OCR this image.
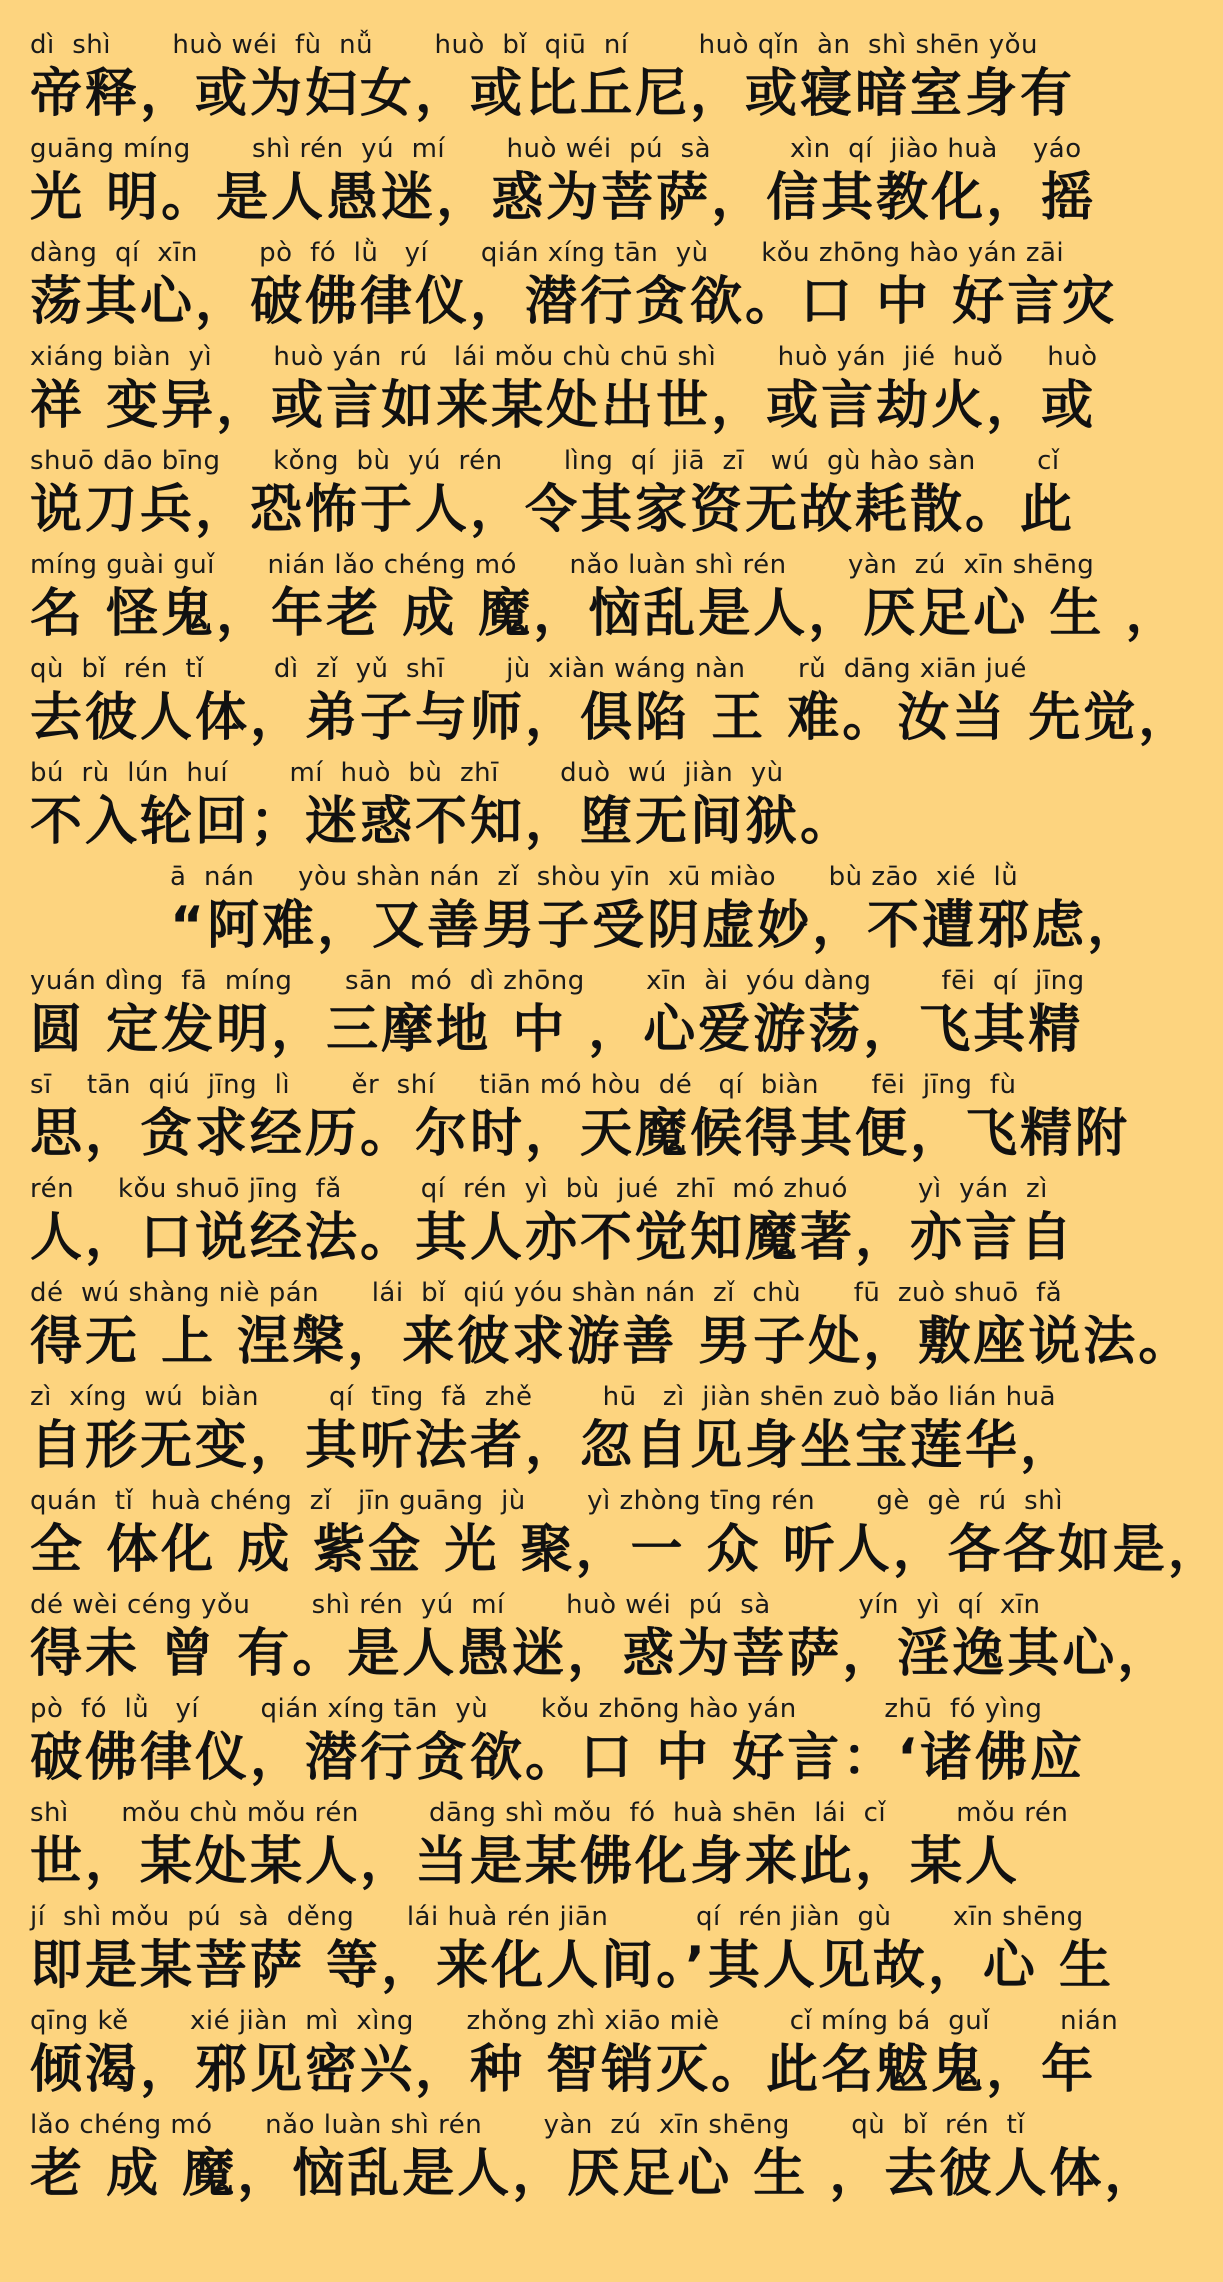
dì  shì       huò wéi  fù  nǚ       huò  bǐ  qiū  ní        huò qǐn  àn  shì shēn yǒu
帝释，或为妇女，或比丘尼，或寝暗室身有
guāng míng       shì rén  yú  mí       huò wéi  pú  sà         xìn  qí  jiào huà    yáo
光 明。是人愚迷，惑为菩萨，信其教化，摇
dàng  qí  xīn       pò  fó  lǜ   yí      qián xíng tān  yù      kǒu zhōng hào yán zāi
荡其心，破佛律仪，潜行贪欲。口 中 好言灾
xiáng biàn  yì       huò yán  rú   lái mǒu chù chū shì       huò yán  jié  huǒ     huò
祥 变异，或言如来某处出世，或言劫火，或
shuō dāo bīng      kǒng  bù  yú  rén       lìng  qí  jiā  zī   wú  gù hào sàn       cǐ
说刀兵，恐怖于人，令其家资无故耗散。此
míng guài guǐ      nián lǎo chéng mó      nǎo luàn shì rén       yàn  zú  xīn shēng
名 怪鬼，年老 成 魔，恼乱是人，厌足心 生 ，
qù  bǐ  rén  tǐ        dì  zǐ  yǔ  shī       jù  xiàn wáng nàn      rǔ  dāng xiān jué
去彼人体，弟子与师，俱陷 王 难。汝当 先觉，
bú  rù  lún  huí       mí  huò  bù  zhī       duò  wú  jiàn  yù
不入轮回；迷惑不知，堕无间狱。
ā  nán     yòu shàn nán  zǐ  shòu yīn  xū miào      bù zāo  xié  lǜ
“阿难，又善男子受阴虚妙，不遭邪虑，
yuán dìng  fā  míng      sān  mó  dì zhōng       xīn  ài  yóu dàng        fēi  qí  jīng
圆 定发明，三摩地 中 ，心爱游荡，飞其精
sī    tān  qiú  jīng  lì       ěr  shí     tiān mó hòu  dé   qí  biàn      fēi  jīng  fù
思，贪求经历。尔时，天魔候得其便，飞精附
rén     kǒu shuō jīng  fǎ         qí  rén  yì  bù  jué  zhī  mó zhuó        yì  yán  zì
人，口说经法。其人亦不觉知魔著，亦言自
dé  wú shàng niè pán      lái  bǐ  qiú yóu shàn nán  zǐ  chù      fū  zuò shuō  fǎ
得无 上 涅槃，来彼求游善 男子处，敷座说法。
zì  xíng  wú  biàn        qí  tīng  fǎ  zhě        hū   zì  jiàn shēn zuò bǎo lián huā
自形无变，其听法者，忽自见身坐宝莲华，
quán  tǐ  huà chéng  zǐ   jīn guāng  jù       yì zhòng tīng rén       gè  gè  rú  shì
全 体化 成 紫金 光 聚，一 众 听人，各各如是，
dé wèi céng yǒu       shì rén  yú  mí       huò wéi  pú  sà          yín  yì  qí  xīn
得未 曾 有。是人愚迷，惑为菩萨，淫逸其心，
pò  fó  lǜ   yí       qián xíng tān  yù      kǒu zhōng hào yán          zhū  fó yìng
破佛律仪，潜行贪欲。口 中 好言：‘诸佛应
shì      mǒu chù mǒu rén        dāng shì mǒu  fó  huà shēn  lái  cǐ        mǒu rén
世，某处某人，当是某佛化身来此，某人
jí  shì mǒu  pú  sà  děng      lái huà rén jiān          qí  rén jiàn  gù       xīn shēng
即是某菩萨 等，来化人间。’其人见故，心 生
qīng kě       xié jiàn  mì  xìng      zhǒng zhì xiāo miè        cǐ míng bá  guǐ        nián
倾渴，邪见密兴，种 智销灭。此名魃鬼，年
lǎo chéng mó      nǎo luàn shì rén       yàn  zú  xīn shēng       qù  bǐ  rén  tǐ
老 成 魔，恼乱是人，厌足心 生 ，去彼人体，
